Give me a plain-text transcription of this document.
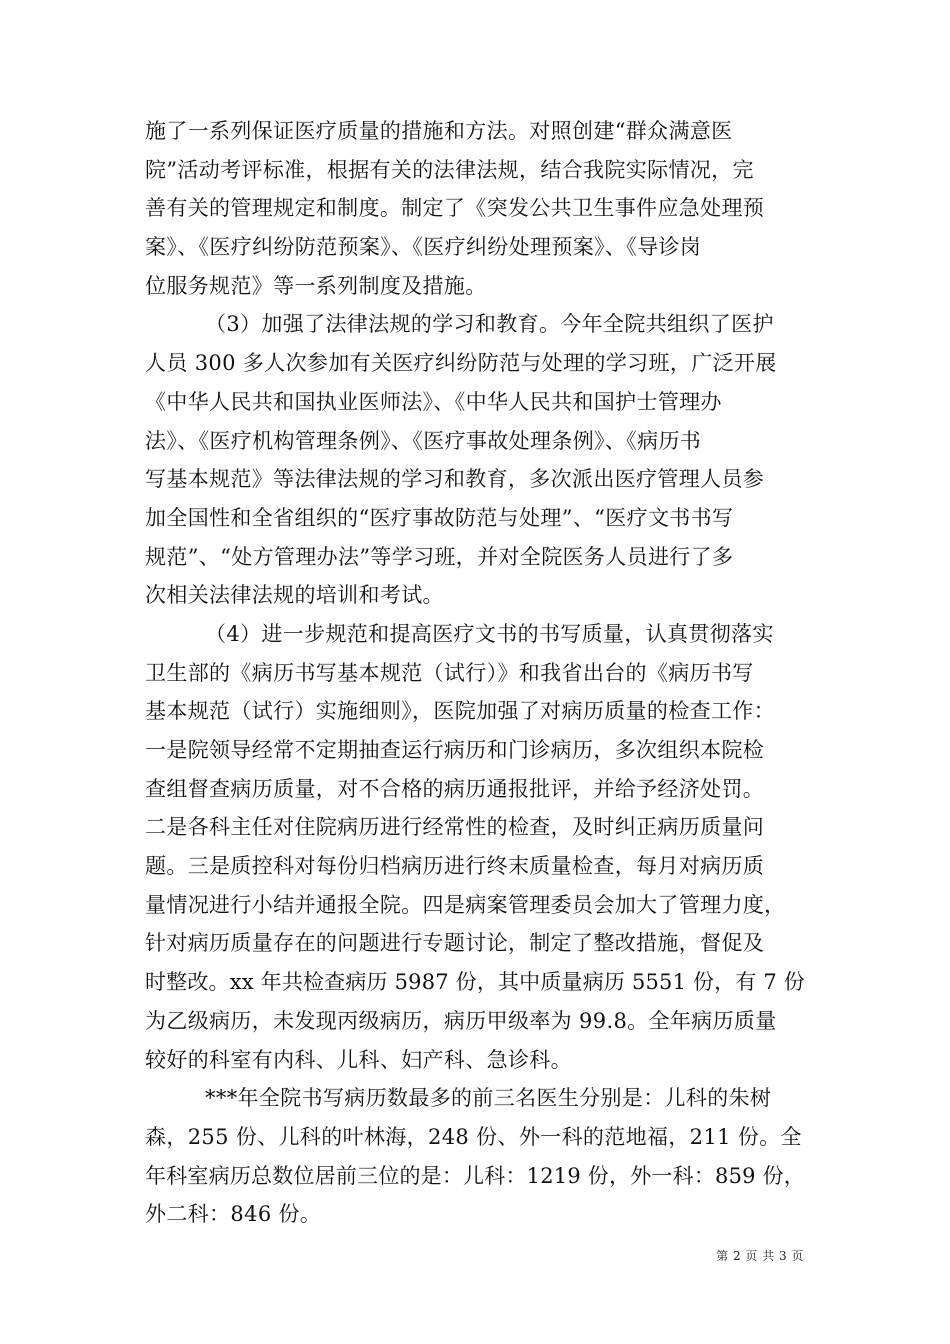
施了一系列保证医疗质量的措施和方法。对照创建“群众满意医
院”活动考评标准，根据有关的法律法规，结合我院实际情况，完
善有关的管理规定和制度。制定了《突发公共卫生事件应急处理预
案》、《医疗纠纷防范预案》、《医疗纠纷处理预案》、《导诊岗
位服务规范》等一系列制度及措施。
（3）加强了法律法规的学习和教育。今年全院共组织了医护
人员 300 多人次参加有关医疗纠纷防范与处理的学习班，广泛开展
《中华人民共和国执业医师法》、《中华人民共和国护士管理办
法》、《医疗机构管理条例》、《医疗事故处理条例》、《病历书
写基本规范》等法律法规的学习和教育，多次派出医疗管理人员参
加全国性和全省组织的“医疗事故防范与处理”、“医疗文书书写
规范”、“处方管理办法”等学习班，并对全院医务人员进行了多
次相关法律法规的培训和考试。
（4）进一步规范和提高医疗文书的书写质量，认真贯彻落实
卫生部的《病历书写基本规范（试行）》和我省出台的《病历书写
基本规范（试行）实施细则》，医院加强了对病历质量的检查工作：
一是院领导经常不定期抽查运行病历和门诊病历，多次组织本院检
查组督查病历质量，对不合格的病历通报批评，并给予经济处罚。
二是各科主任对住院病历进行经常性的检查，及时纠正病历质量问
题。三是质控科对每份归档病历进行终末质量检查，每月对病历质
量情况进行小结并通报全院。四是病案管理委员会加大了管理力度，
针对病历质量存在的问题进行专题讨论，制定了整改措施，督促及
时整改。xx 年共检查病历 5987 份，其中质量病历 5551 份，有 7 份
为乙级病历，未发现丙级病历，病历甲级率为 99.8。全年病历质量
较好的科室有内科、儿科、妇产科、急诊科。
***年全院书写病历数最多的前三名医生分别是：儿科的朱树
森，255 份、儿科的叶林海，248 份、外一科的范地福，211 份。全
年科室病历总数位居前三位的是：儿科：1219 份，外一科：859 份，
外二科：846 份。
第 2 页 共 3 页
